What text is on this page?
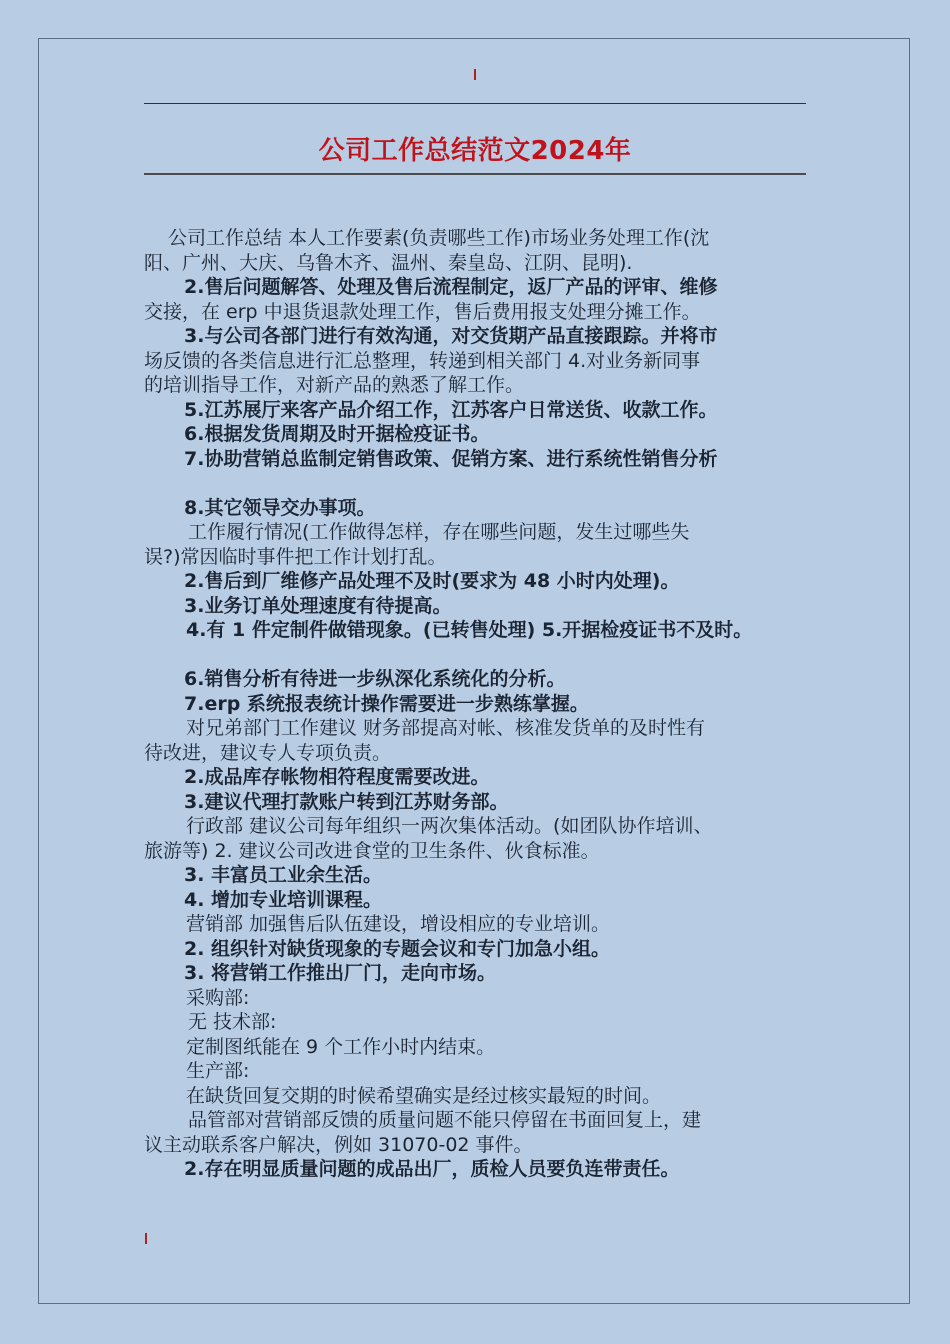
公司工作总结范文2024年
公司工作总结 本人工作要素(负责哪些工作)市场业务处理工作(沈
阳、广州、大庆、乌鲁木齐、温州、秦皇岛、江阴、昆明).
2.售后问题解答、处理及售后流程制定，返厂产品的评审、维修
交接，在 erp 中退货退款处理工作，售后费用报支处理分摊工作。
3.与公司各部门进行有效沟通，对交货期产品直接跟踪。并将市
场反馈的各类信息进行汇总整理，转递到相关部门 4.对业务新同事
的培训指导工作，对新产品的熟悉了解工作。
5.江苏展厅来客产品介绍工作，江苏客户日常送货、收款工作。
6.根据发货周期及时开据检疫证书。
7.协助营销总监制定销售政策、促销方案、进行系统性销售分析
8.其它领导交办事项。
工作履行情况(工作做得怎样，存在哪些问题，发生过哪些失
误?)常因临时事件把工作计划打乱。
2.售后到厂维修产品处理不及时(要求为 48 小时内处理)。
3.业务订单处理速度有待提高。
4.有 1 件定制件做错现象。(已转售处理) 5.开据检疫证书不及时。
6.销售分析有待进一步纵深化系统化的分析。
7.erp 系统报表统计操作需要进一步熟练掌握。
对兄弟部门工作建议 财务部提高对帐、核准发货单的及时性有
待改进，建议专人专项负责。
2.成品库存帐物相符程度需要改进。
3.建议代理打款账户转到江苏财务部。
行政部 建议公司每年组织一两次集体活动。(如团队协作培训、
旅游等) 2. 建议公司改进食堂的卫生条件、伙食标准。
3. 丰富员工业余生活。
4. 增加专业培训课程。
营销部 加强售后队伍建设，增设相应的专业培训。
2. 组织针对缺货现象的专题会议和专门加急小组。
3. 将营销工作推出厂门，走向市场。
采购部:
无 技术部:
定制图纸能在 9 个工作小时内结束。
生产部:
在缺货回复交期的时候希望确实是经过核实最短的时间。
品管部对营销部反馈的质量问题不能只停留在书面回复上，建
议主动联系客户解决，例如 31070-02 事件。
2.存在明显质量问题的成品出厂，质检人员要负连带责任。
